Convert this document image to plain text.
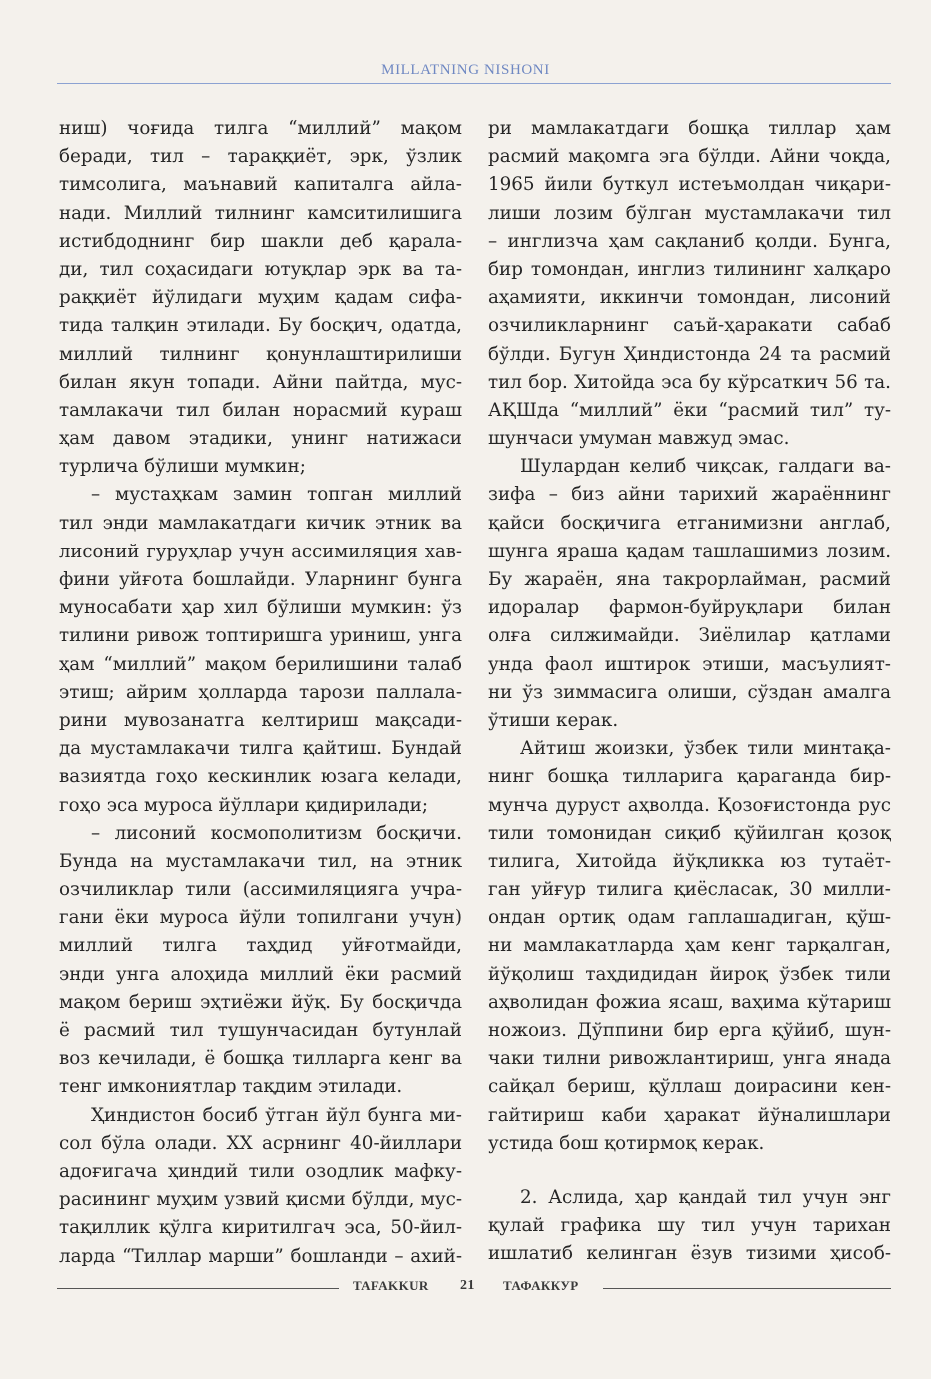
MILLATNING NISHONI
ниш) чоғида тилга “миллий” мақом
беради, тил – тараққиёт, эрк, ўзлик
тимсолига, маънавий капиталга айла-
нади. Миллий тилнинг камситилишига
истибдоднинг бир шакли деб қарала-
ди, тил соҳасидаги ютуқлар эрк ва та-
раққиёт йўлидаги муҳим қадам сифа-
тида талқин этилади. Бу босқич, одатда,
миллий тилнинг қонунлаштирилиши
билан якун топади. Айни пайтда, мус-
тамлакачи тил билан норасмий кураш
ҳам давом этадики, унинг натижаси
турлича бўлиши мумкин;
– мустаҳкам замин топган миллий
тил энди мамлакатдаги кичик этник ва
лисоний гуруҳлар учун ассимиляция хав-
фини уйғота бошлайди. Уларнинг бунга
муносабати ҳар хил бўлиши мумкин: ўз
тилини ривож топтиришга уриниш, унга
ҳам “миллий” мақом берилишини талаб
этиш; айрим ҳолларда тарози паллала-
рини мувозанатга келтириш мақсади-
да мустамлакачи тилга қайтиш. Бундай
вазиятда гоҳо кескинлик юзага келади,
гоҳо эса муроса йўллари қидирилади;
– лисоний космополитизм босқичи.
Бунда на мустамлакачи тил, на этник
озчиликлар тили (ассимиляцияга учра-
гани ёки муроса йўли топилгани учун)
миллий тилга таҳдид уйғотмайди,
энди унга алоҳида миллий ёки расмий
мақом бериш эҳтиёжи йўқ. Бу босқичда
ё расмий тил тушунчасидан бутунлай
воз кечилади, ё бошқа тилларга кенг ва
тенг имкониятлар тақдим этилади.
Ҳиндистон босиб ўтган йўл бунга ми-
сол бўла олади. ХХ асрнинг 40-йиллари
адоғигача ҳиндий тили озодлик мафку-
расининг муҳим узвий қисми бўлди, мус-
тақиллик қўлга киритилгач эса, 50-йил-
ларда “Тиллар марши” бошланди – ахий-
ри мамлакатдаги бошқа тиллар ҳам
расмий мақомга эга бўлди. Айни чоқда,
1965 йили буткул истеъмолдан чиқари-
лиши лозим бўлган мустамлакачи тил
– инглизча ҳам сақланиб қолди. Бунга,
бир томондан, инглиз тилининг халқаро
аҳамияти, иккинчи томондан, лисоний
озчиликларнинг саъй-ҳаракати сабаб
бўлди. Бугун Ҳиндистонда 24 та расмий
тил бор. Хитойда эса бу кўрсаткич 56 та.
АҚШда “миллий” ёки “расмий тил” ту-
шунчаси умуман мавжуд эмас.
Шулардан келиб чиқсак, галдаги ва-
зифа – биз айни тарихий жараённинг
қайси босқичига етганимизни англаб,
шунга яраша қадам ташлашимиз лозим.
Бу жараён, яна такрорлайман, расмий
идоралар фармон-буйруқлари билан
олға силжимайди. Зиёлилар қатлами
унда фаол иштирок этиши, масъулият-
ни ўз зиммасига олиши, сўздан амалга
ўтиши керак.
Айтиш жоизки, ўзбек тили минтақа-
нинг бошқа тилларига қараганда бир-
мунча дуруст аҳволда. Қозоғистонда рус
тили томонидан сиқиб қўйилган қозоқ
тилига, Хитойда йўқликка юз тутаёт-
ган уйғур тилига қиёсласак, 30 милли-
ондан ортиқ одам гаплашадиган, қўш-
ни мамлакатларда ҳам кенг тарқалган,
йўқолиш таҳдидидан йироқ ўзбек тили
аҳволидан фожиа ясаш, ваҳима кўтариш
ножоиз. Дўппини бир ерга қўйиб, шун-
чаки тилни ривожлантириш, унга янада
сайқал бериш, қўллаш доирасини кен-
гайтириш каби ҳаракат йўналишлари
устида бош қотирмоқ керак.
2. Аслида, ҳар қандай тил учун энг
қулай графика шу тил учун тарихан
ишлатиб келинган ёзув тизими ҳисоб-
TAFAKKUR 21 ТАФАККУР
